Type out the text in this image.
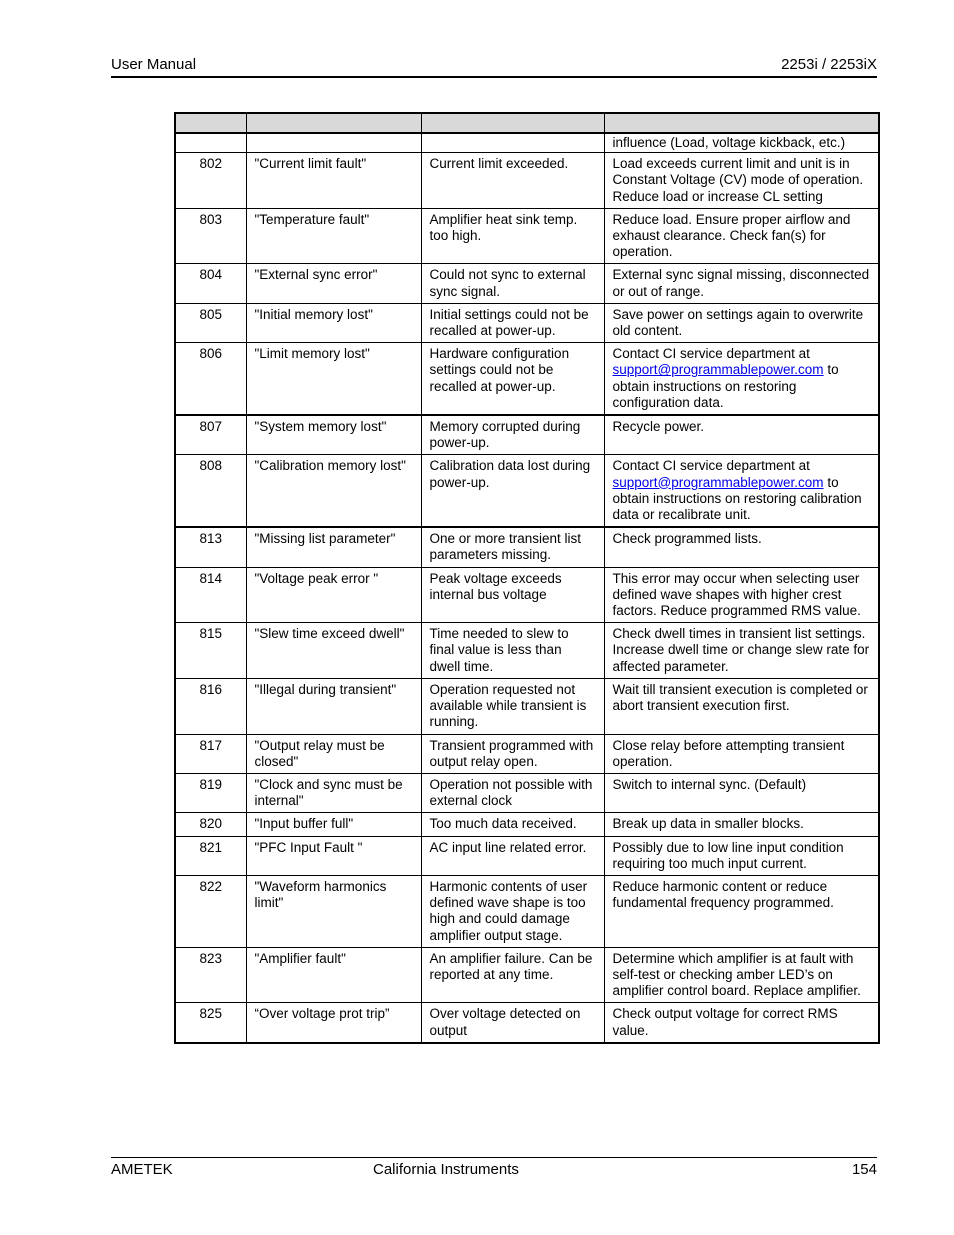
User Manual	2253i / 2253iX

			influence (Load, voltage kickback, etc.)
802	"Current limit fault"	Current limit exceeded.	Load exceeds current limit and unit is in Constant Voltage (CV) mode of operation. Reduce load or increase CL setting
803	"Temperature fault"	Amplifier heat sink temp. too high.	Reduce load. Ensure proper airflow and exhaust clearance. Check fan(s) for operation.
804	"External sync error"	Could not sync to external sync signal.	External sync signal missing, disconnected or out of range.
805	"Initial memory lost"	Initial settings could not be recalled at power-up.	Save power on settings again to overwrite old content.
806	"Limit memory lost"	Hardware configuration settings could not be recalled at power-up.	Contact CI service department at
support@programmablepower.com to obtain instructions on restoring configuration data.
807	"System memory lost"	Memory corrupted during power-up.	Recycle power.
808	"Calibration memory lost"	Calibration data lost during power-up.	Contact CI service department at
support@programmablepower.com to obtain instructions on restoring calibration data or recalibrate unit.
813	"Missing list parameter"	One or more transient list parameters missing.	Check programmed lists.
814	"Voltage peak error "	Peak voltage exceeds internal bus voltage	This error may occur when selecting user defined wave shapes with higher crest factors. Reduce programmed RMS value.
815	"Slew time exceed dwell"	Time needed to slew to final value is less than dwell time.	Check dwell times in transient list settings. Increase dwell time or change slew rate for affected parameter.
816	"Illegal during transient"	Operation requested not available while transient is running.	Wait till transient execution is completed or abort transient execution first.
817	"Output relay must be closed"	Transient programmed with output relay open.	Close relay before attempting transient operation.
819	"Clock and sync must be internal"	Operation not possible with external clock	Switch to internal sync. (Default)
820	"Input buffer full"	Too much data received.	Break up data in smaller blocks.
821	"PFC Input Fault "	AC input line related error.	Possibly due to low line input condition requiring too much input current.
822	"Waveform harmonics limit"	Harmonic contents of user defined wave shape is too high and could damage amplifier output stage.	Reduce harmonic content or reduce fundamental frequency programmed.
823	"Amplifier fault"	An amplifier failure. Can be reported at any time.	Determine which amplifier is at fault with self-test or checking amber LED’s on amplifier control board. Replace amplifier.
825	“Over voltage prot trip”	Over voltage detected on output	Check output voltage for correct RMS value.
AMETEK	California Instruments	154
